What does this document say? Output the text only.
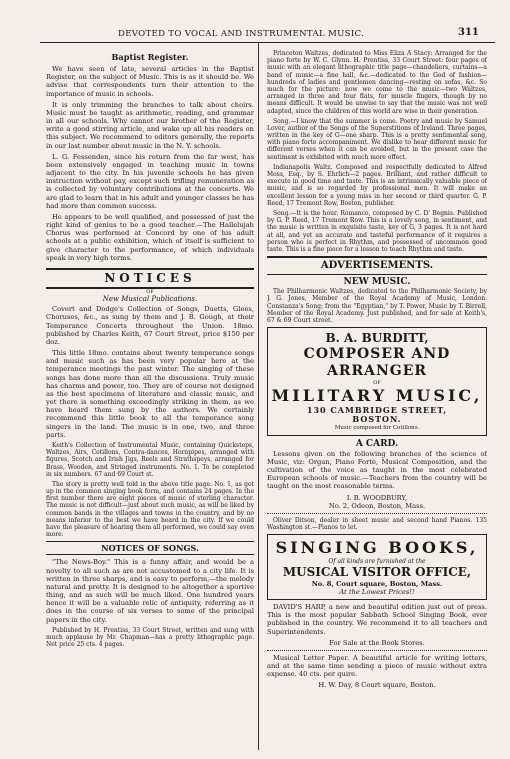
DEVOTED TO VOCAL AND INSTRUMENTAL MUSIC.	311
Baptist Register.

We have seen of late, several articles in the Baptist Register, on the subject of Music. This is as it should be. We advise that correspondents turn their attention to the importance of music in schools.

It is only trimming the branches to talk about choirs. Music must be taught as arithmetic, reading, and grammar in all our schools. Why cannot our brother of the Register, write a good stirring article, and wake up all his readers on this subject. We recommend to editors generally, the reports in our last number about music in the N. Y. schools.

L. G. Fessenden, since his return from the far west, has been extensively engaged in teaching music in towns adjacent to the city. In his juvenile schools he has given instruction without pay, except such trifling remuneration as is collected by voluntary contributions at the concerts. We are glad to learn that in his adult and younger classes he has had more than common success.

He appears to be well qualified, and possessed of just the right kind of genius to be a good teacher.—The Hallelujah Chorus was performed at Concord by one of his adult schools at a public exhibition, which of itself is sufficient to give character to the performance, of which individuals speak in very high terms.

NOTICES
OF
New Musical Publications.

Covert and Dodge's Collection of Songs, Duetts, Glees, Choruses, &c., as sung by them and J. B. Gough, at their Temperance Concerts throughout the Union. 18mo. published by Charles Keith, 67 Court Street, price $150 per doz.

This little 18mo. contains about twenty temperance songs and music such as has been very popular here at the temperance meetings the past winter. The singing of these songs has done more than all the discussions. Truly music has charms and power, too. They are of course not designed as the best specimens of literature and classic music, and yet there is something exceedingly striking in them, as we have heard them sung by the authors. We certainly recommend this little book to all the temperance song singers in the land. The music is in one, two, and three parts.

Keith's Collection of Instrumental Music, containing Quicksteps, Waltzes, Airs, Cotillons, Contra-dances, Hornpipes, arranged with figures, Scotch and Irish Jigs, Reels and Strathspeys, arranged for Brass, Wooden, and Stringed instruments. No. 1. To be completed in six numbers. 67 and 69 Court st.

The story is pretty well told in the above title page. No. 1, as got up in the common singing book form, and contains 24 pages. In the first number there are eight pieces of music of sterling character. The music is not difficult—just about such music, as will be liked by common bands in the villages and towns in the country, and by no means inferior to the best we have heard in the city. If we could have the pleasure of hearing them all performed, we could say even more.

NOTICES OF SONGS.

"The News-Boy." This is a funny affair, and would be a novelty to all such as are not accustomed to a city life. It is written in three sharps, and is easy to perform,—the melody natural and pretty. It is designed to be altogether a sportive thing, and as such will be much liked. One hundred years hence it will be a valuable relic of antiquity, referring as it does in the course of six verses to some of the principal papers in the city.

Published by H. Prentiss, 33 Court Street, written and sung with much applause by Mr. Chapman—has a pretty lithographic page. Net price 25 cts. 4 pages.

Princeton Waltzes, dedicated to Miss Eliza A Stacy: Arranged for the piano forte by W. C. Glynn. H. Prentiss, 33 Court Street: four pages of music with an elegant lithographic title page—chandeliers, curtains—a band of music—a fine hall, &c.—dedicated to the God of fashion—hundreds of ladies and gentlemen dancing—resting on sofas, &c. So much for the picture: now we come to the music—two Waltzes, arranged in three and four flats, for muscle fingers, though by no means difficult. It would be unwise to say that the music was not well adapted, since the children of this world are wise in their generation.

Song.—I know that the summer is come. Poetry and music by Samuel Lover, author of the Songs of the Superstitions of Ireland. Three pages, written in the key of G—one sharp. This is a pretty sentimental song, with piano forte accompaniment. We dislike to hear different music for different verses when it can be avoided, but in the present case the sentiment is exhibited with much more effect.

Indianapolis Waltz. Composed and respectfully dedicated to Alfred Moss, Esq., by S. Ehrlich—2 pages. Brilliant, and rather difficult to execute in good time and taste. This is an intrinsically valuable piece of music, and is so regarded by professional men. It will make an excellent lesson for a young miss in her second or third quarter. G. P. Reed, 17 Tremont Row, Boston, publisher.

Song.—It is the hour. Romance, composed by C. D' Begnis. Published by G. P. Reed, 17 Tremont Row. This is a lovely song, in sentiment, and the music is written in exquisite taste, key of G, 3 pages. It is not hard at all, and yet an accurate and tasteful performance of it requires a person who is perfect in Rhythm, and possessed of uncommon good taste. This is a fine piece for a lesson to teach Rhythm and taste.

ADVERTISEMENTS.
NEW MUSIC.

The Philharmonic Waltzes, dedicated to the Philharmonic Society, by J. G. Jones, Member of the Royal Academy of Music, London. Constanza's Song; from the "Egyptian," by T. Power, Music by T. Birrell, Member of the Royal Academy. Just published, and for sale at Keith's, 67 & 69 Court street.

B. A. BURDITT,
COMPOSER AND ARRANGER
OF
MILITARY MUSIC,
130 CAMBRIDGE STREET,
BOSTON.
Music composed for Cotillons.
A CARD.

Lessons given on the following branches of the science of Music, viz: Organ, Piano Forte, Musical Composition, and the cultivation of the voice as taught in the most celebrated European schools of music.—Teachers from the country will be taught on the most reasonable terms.

I. B. WOODBURY,
No. 2, Odeon, Boston, Mass.

Oliver Ditson, dealer in sheet music and second hand Pianos. 135 Washington st.—Pianos to let.

SINGING BOOKS,
Of all kinds are furnished at the
MUSICAL VISITOR OFFICE,
No. 8, Court square, Boston, Mass.
At the Lowest Prices!!

DAVID'S HARP, a new and beautiful edition just out of press. This is the most popular Sabbath School Singing Book, ever published in the country. We recommend it to all teachers and Superintendents.

For Sale at the Book Stores.

Musical Letter Paper. A beautiful article for writing letters, and at the same time sending a piece of music without extra expense. 40 cts. per quire.

H. W. Day, 8 Court square, Boston.
